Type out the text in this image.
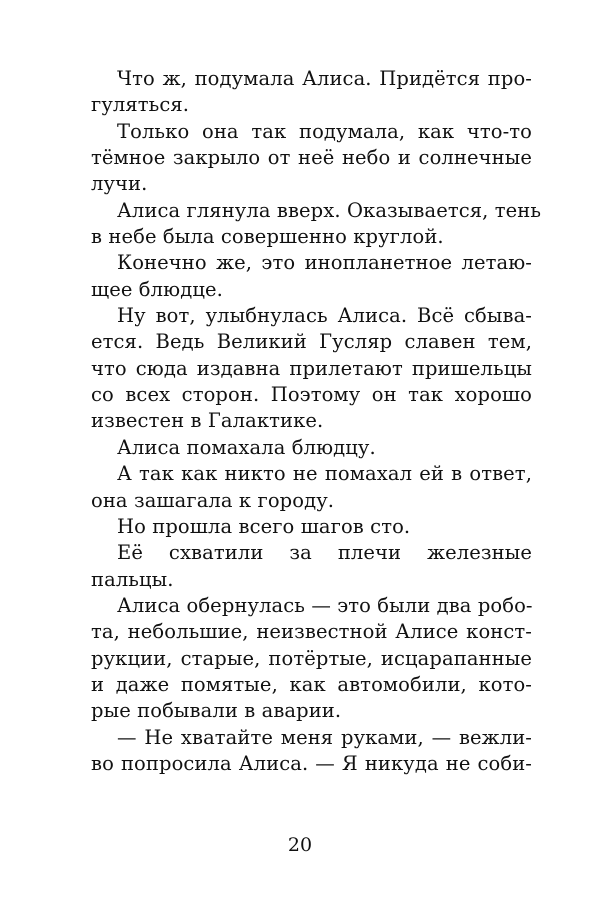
Что ж, подумала Алиса. Придётся про-
гуляться.
Только она так подумала, как что-то
тёмное закрыло от неё небо и солнечные
лучи.
Алиса глянула вверх. Оказывается, тень
в небе была совершенно круглой.
Конечно же, это инопланетное летаю-
щее блюдце.
Ну вот, улыбнулась Алиса. Всё сбыва-
ется. Ведь Великий Гусляр славен тем,
что сюда издавна прилетают пришельцы
со всех сторон. Поэтому он так хорошо
известен в Галактике.
Алиса помахала блюдцу.
А так как никто не помахал ей в ответ,
она зашагала к городу.
Но прошла всего шагов сто.
Её схватили за плечи железные
пальцы.
Алиса обернулась — это были два робо-
та, небольшие, неизвестной Алисе конст-
рукции, старые, потёртые, исцарапанные
и даже помятые, как автомобили, кото-
рые побывали в аварии.
— Не хватайте меня руками, — вежли-
во попросила Алиса. — Я никуда не соби-
20
